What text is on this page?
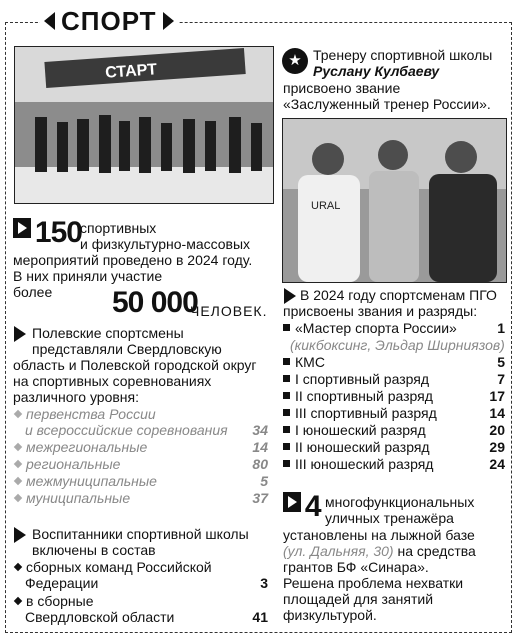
СПОРТ
СТАРТ
★ Тренеру спортивной школы
Руслану Кулбаеву
присвоено звание
«Заслуженный тренер России».
URAL
150
спортивных
и физкультурно-массовых
мероприятий проведено в 2024 году.
В них приняли участие
более 50 000
ЧЕЛОВЕК.
Полевские спортсмены
представляли Свердловскую
область и Полевской городской округ
на спортивных соревнованиях
различного уровня:
первенства России
и всероссийские соревнования 34
межрегиональные	14
региональные	80
межмуниципальные	5
муниципальные	37
Воспитанники спортивной школы
включены в состав
сборных команд Российской
Федерации	3
в сборные
Свердловской области	41
В 2024 году спортсменам ПГО
присвоены звания и разряды:
«Мастер спорта России»	1
(кикбоксинг, Эльдар Ширниязов)
КМС	5
I спортивный разряд	7
II спортивный разряд	17
III спортивный разряд	14
I юношеский разряд	20
II юношеский разряд	29
III юношеский разряд	24
4 многофункциональных
уличных тренажёра
установлены на лыжной базе
(ул. Дальняя, 30) на средства
грантов БФ «Синара».
Решена проблема нехватки
площадей для занятий
физкультурой.
